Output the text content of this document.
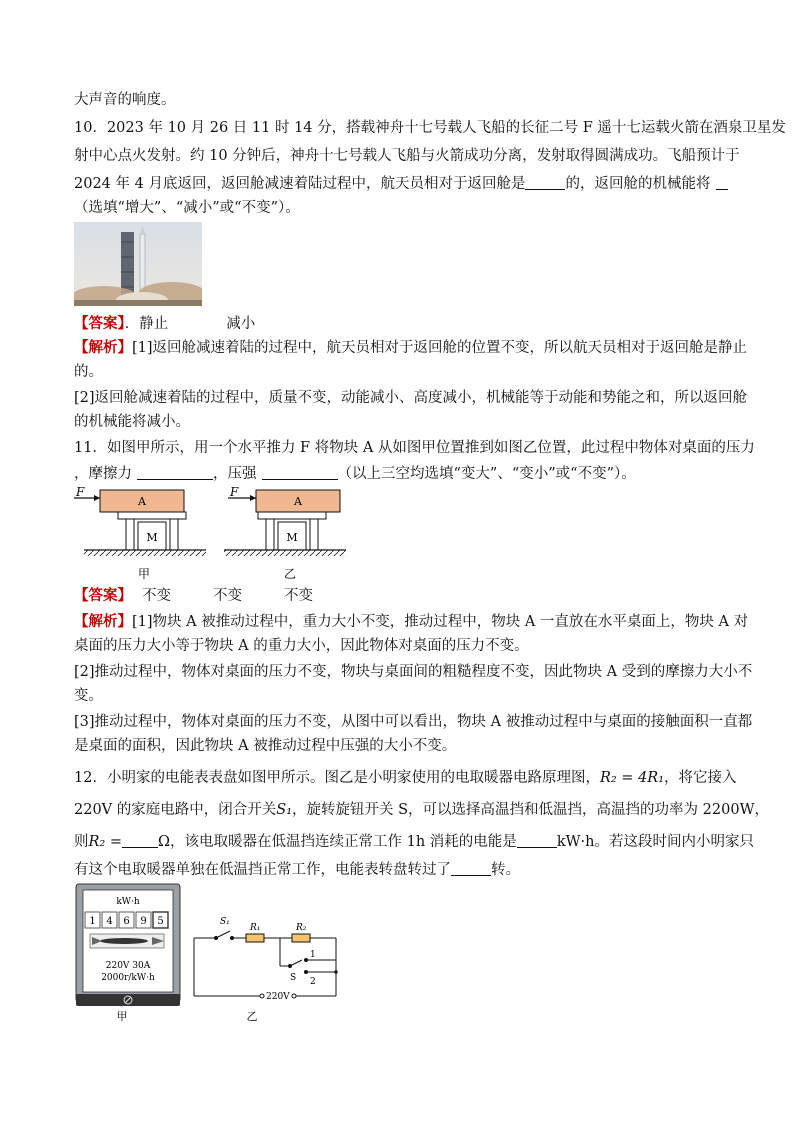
大声音的响度。
10．2023 年 10 月 26 日 11 时 14 分，搭载神舟十七号载人飞船的长征二号 F 遥十七运载火箭在酒泉卫星发
射中心点火发射。约 10 分钟后，神舟十七号载人飞船与火箭成功分离，发射取得圆满成功。飞船预计于
2024 年 4 月底返回，返回舱减速着陆过程中，航天员相对于返回舱是	的，返回舱的机械能将
（选填“增大”、“减小”或“不变”）。
【答案】．静止	减小
【解析】[1]返回舱减速着陆的过程中，航天员相对于返回舱的位置不变，所以航天员相对于返回舱是静止
的。
[2]返回舱减速着陆的过程中，质量不变，动能减小、高度减小，机械能等于动能和势能之和，所以返回舱
的机械能将减小。
11．如图甲所示，用一个水平推力 F 将物块 A 从如图甲位置推到如图乙位置，此过程中物体对桌面的压力
，摩擦力	，压强	（以上三空均选填“变大”、“变小”或“不变”）。
F
A
M
甲
F
A
M
乙
【答案】 不变	不变	不变
【解析】[1]物块 A 被推动过程中，重力大小不变，推动过程中，物块 A 一直放在水平桌面上，物块 A 对
桌面的压力大小等于物块 A 的重力大小，因此物体对桌面的压力不变。
[2]推动过程中，物体对桌面的压力不变，物块与桌面间的粗糙程度不变，因此物块 A 受到的摩擦力大小不
变。
[3]推动过程中，物体对桌面的压力不变，从图中可以看出，物块 A 被推动过程中与桌面的接触面积一直都
是桌面的面积，因此物块 A 被推动过程中压强的大小不变。
12．小明家的电能表表盘如图甲所示。图乙是小明家使用的电取暖器电路原理图，R₂ = 4R₁，将它接入
220V 的家庭电路中，闭合开关S₁，旋转旋钮开关 S，可以选择高温挡和低温挡，高温挡的功率为 2200W，
则R₂ = Ω，该电取暖器在低温挡连续正常工作 1h 消耗的电能是	kW·h。若这段时间内小明家只
有这个电取暖器单独在低温挡正常工作，电能表转盘转过了	转。
kW·h
1 4 6 9 5
220V 30A
2000r/kW·h
甲
S₁
R₁	R₂
1
2
S
220V
乙
